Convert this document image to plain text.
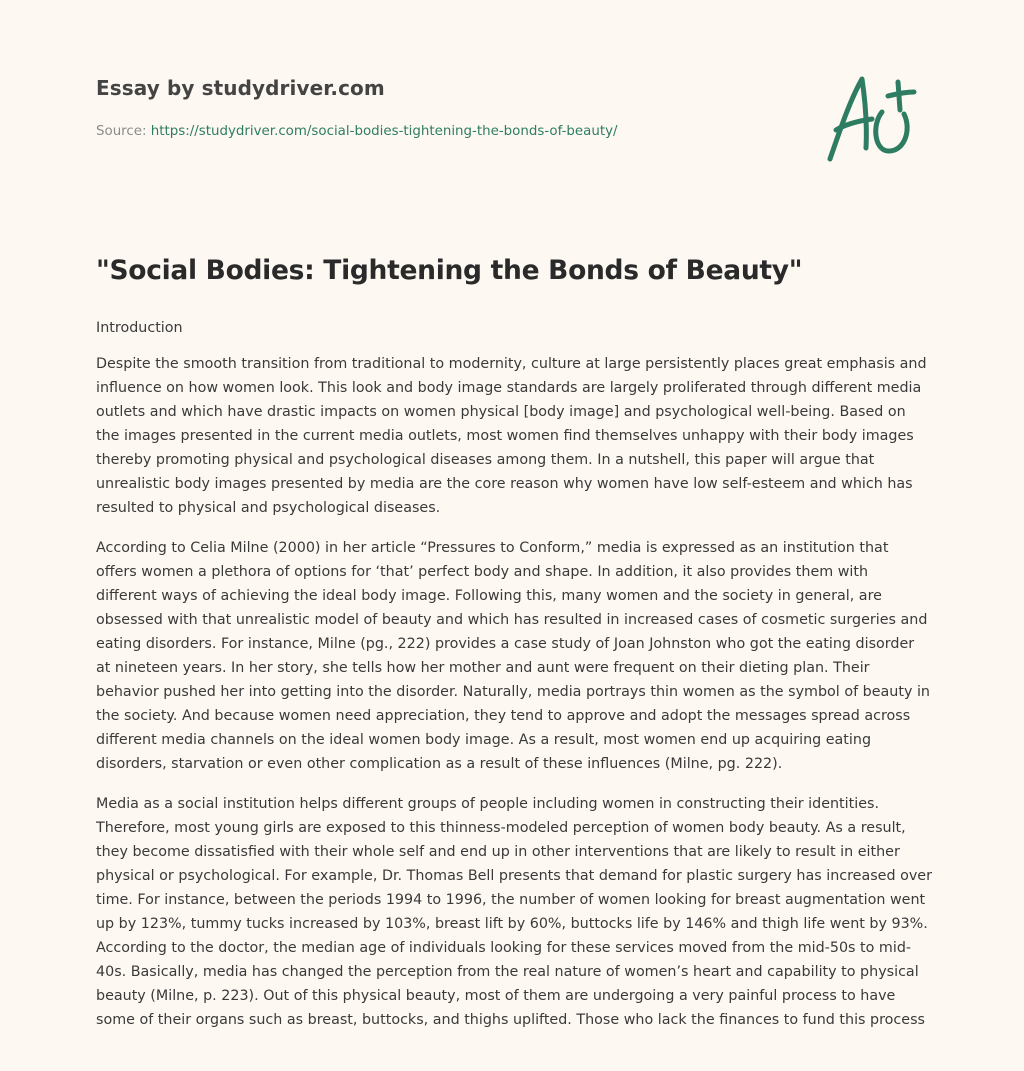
Essay by studydriver.com
Source: https://studydriver.com/social-bodies-tightening-the-bonds-of-beauty/
"Social Bodies: Tightening the Bonds of Beauty"

Introduction

Despite the smooth transition from traditional to modernity, culture at large persistently places great emphasis and influence on how women look. This look and body image standards are largely proliferated through different media outlets and which have drastic impacts on women physical [body image] and psychological well-being. Based on the images presented in the current media outlets, most women find themselves unhappy with their body images thereby promoting physical and psychological diseases among them. In a nutshell, this paper will argue that unrealistic body images presented by media are the core reason why women have low self-esteem and which has resulted to physical and psychological diseases.

According to Celia Milne (2000) in her article “Pressures to Conform,” media is expressed as an institution that offers women a plethora of options for ‘that’ perfect body and shape. In addition, it also provides them with different ways of achieving the ideal body image. Following this, many women and the society in general, are obsessed with that unrealistic model of beauty and which has resulted in increased cases of cosmetic surgeries and eating disorders. For instance, Milne (pg., 222) provides a case study of Joan Johnston who got the eating disorder at nineteen years. In her story, she tells how her mother and aunt were frequent on their dieting plan. Their behavior pushed her into getting into the disorder. Naturally, media portrays thin women as the symbol of beauty in the society. And because women need appreciation, they tend to approve and adopt the messages spread across different media channels on the ideal women body image. As a result, most women end up acquiring eating disorders, starvation or even other complication as a result of these influences (Milne, pg. 222).

Media as a social institution helps different groups of people including women in constructing their identities. Therefore, most young girls are exposed to this thinness-modeled perception of women body beauty. As a result, they become dissatisfied with their whole self and end up in other interventions that are likely to result in either physical or psychological. For example, Dr. Thomas Bell presents that demand for plastic surgery has increased over time. For instance, between the periods 1994 to 1996, the number of women looking for breast augmentation went up by 123%, tummy tucks increased by 103%, breast lift by 60%, buttocks life by 146% and thigh life went by 93%. According to the doctor, the median age of individuals looking for these services moved from the mid-50s to mid-40s. Basically, media has changed the perception from the real nature of women’s heart and capability to physical beauty (Milne, p. 223). Out of this physical beauty, most of them are undergoing a very painful process to have some of their organs such as breast, buttocks, and thighs uplifted. Those who lack the finances to fund this process
